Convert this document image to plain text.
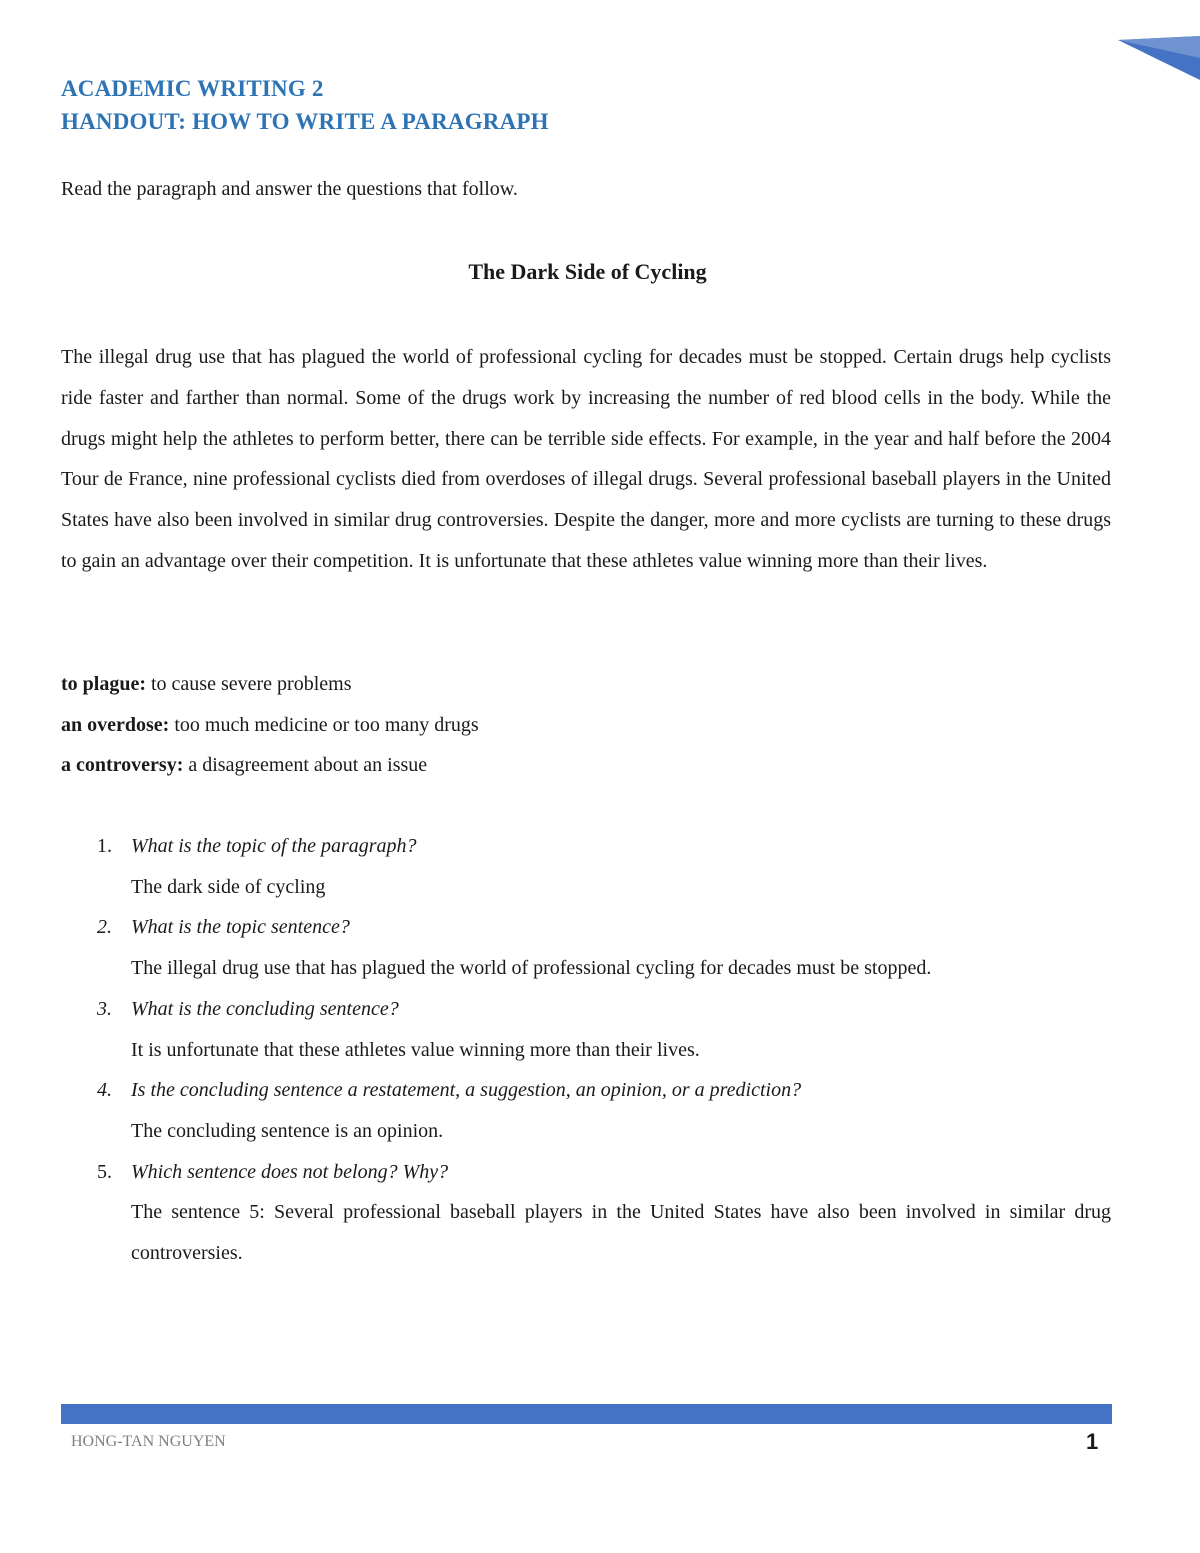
ACADEMIC WRITING 2
HANDOUT: HOW TO WRITE A PARAGRAPH
Read the paragraph and answer the questions that follow.
The Dark Side of Cycling
The illegal drug use that has plagued the world of professional cycling for decades must be stopped. Certain drugs help cyclists ride faster and farther than normal. Some of the drugs work by increasing the number of red blood cells in the body. While the drugs might help the athletes to perform better, there can be terrible side effects. For example, in the year and half before the 2004 Tour de France, nine professional cyclists died from overdoses of illegal drugs. Several professional baseball players in the United States have also been involved in similar drug controversies. Despite the danger, more and more cyclists are turning to these drugs to gain an advantage over their competition. It is unfortunate that these athletes value winning more than their lives.
to plague: to cause severe problems
an overdose: too much medicine or too many drugs
a controversy: a disagreement about an issue
1. What is the topic of the paragraph?
The dark side of cycling
2. What is the topic sentence?
The illegal drug use that has plagued the world of professional cycling for decades must be stopped.
3. What is the concluding sentence?
It is unfortunate that these athletes value winning more than their lives.
4. Is the concluding sentence a restatement, a suggestion, an opinion, or a prediction?
The concluding sentence is an opinion.
5. Which sentence does not belong? Why?
The sentence 5: Several professional baseball players in the United States have also been involved in similar drug controversies.
HONG-TAN NGUYEN	1
